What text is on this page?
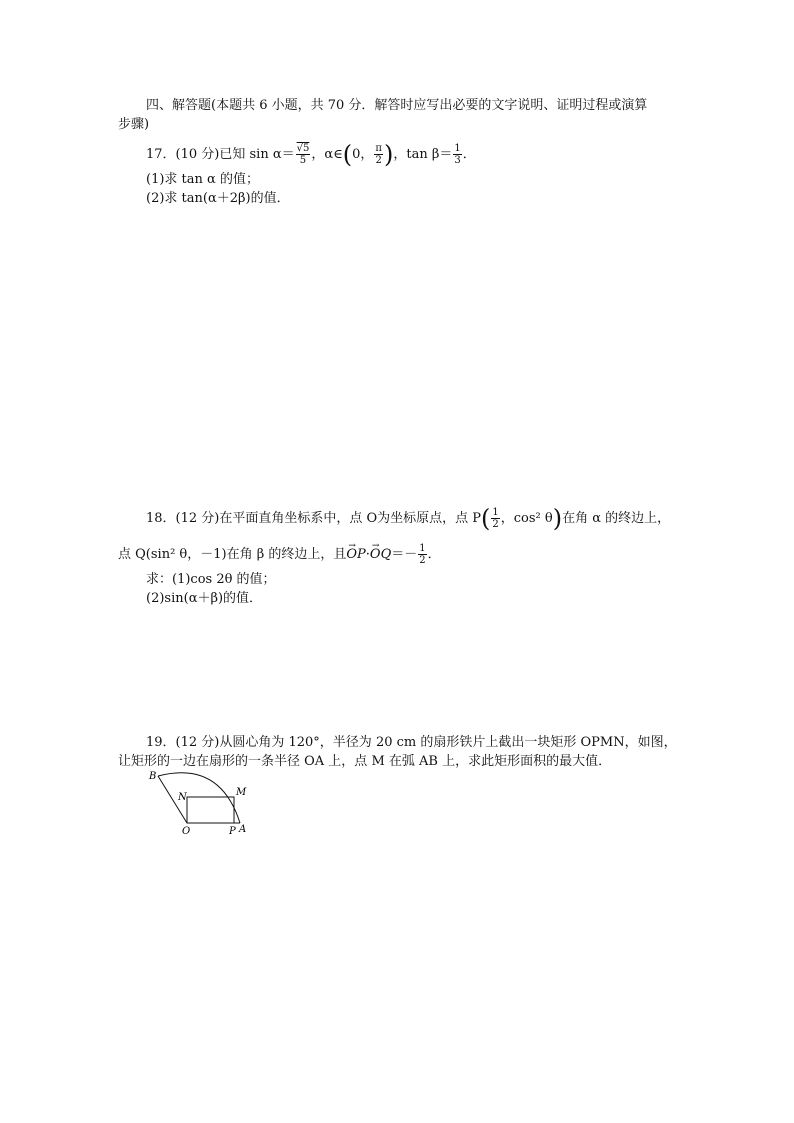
四、解答题(本题共 6 小题，共 70 分．解答时应写出必要的文字说明、证明过程或演算
步骤)
17．(10 分)已知 $\sin \alpha= \frac{√5}{5}$ ，α∈(0， $\frac{\pi}{2}$ )，$\tan \beta= \frac{1}{3}$ ．
(1)求 tan α 的值；
(2)求 tan(α＋2β)的值．
18．(12 分)在平面直角坐标系中，点 O为坐标原点，点 $P( \frac{1}{2}$ ，cos² θ)在角 α 的终边上，
点 Q(sin² θ，－1)在角 β 的终边上，且→ $OP\cdot\to OQ=- \frac{1}{2}$ ．
求：(1)cos 2θ 的值；
(2)sin(α＋β)的值．
19．(12 分)从圆心角为 120°，半径为 20 cm 的扇形铁片上截出一块矩形 OPMN，如图，
让矩形的一边在扇形的一条半径 OA 上，点 M 在弧 AB 上，求此矩形面积的最大值．
B
N	M
O	P A
